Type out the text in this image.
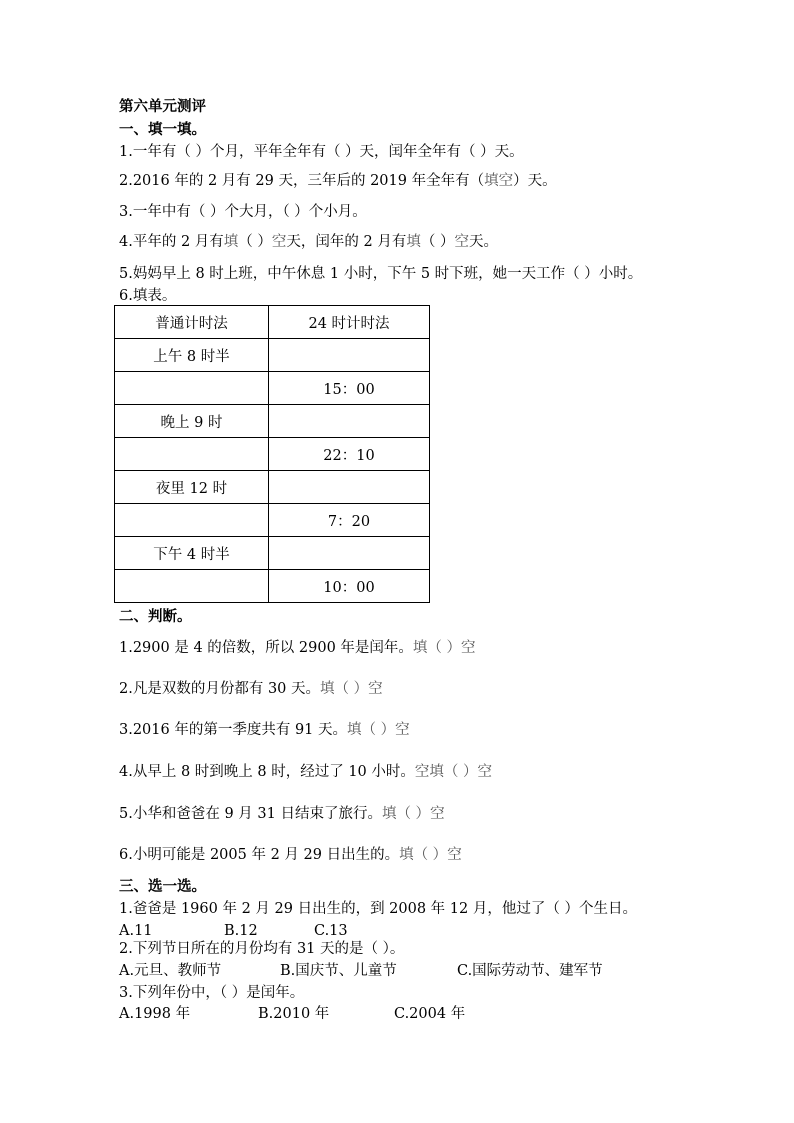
第六单元测评
一、填一填。
1.一年有（ ）个月，平年全年有（ ）天，闰年全年有（ ）天。
2.2016 年的 2 月有 29 天，三年后的 2019 年全年有（填空）天。
3.一年中有（ ）个大月，（ ）个小月。
4.平年的 2 月有填（ ）空天，闰年的 2 月有填（ ）空天。
5.妈妈早上 8 时上班，中午休息 1 小时，下午 5 时下班，她一天工作（ ）小时。
6.填表。
普通计时法	24 时计时法
上午 8 时半	
	15：00
晚上 9 时	
	22：10
夜里 12 时	
	7：20
下午 4 时半	
	10：00
二、判断。
1.2900 是 4 的倍数，所以 2900 年是闰年。填（ ）空
2.凡是双数的月份都有 30 天。填（ ）空
3.2016 年的第一季度共有 91 天。填（ ）空
4.从早上 8 时到晚上 8 时，经过了 10 小时。空填（ ）空
5.小华和爸爸在 9 月 31 日结束了旅行。填（ ）空
6.小明可能是 2005 年 2 月 29 日出生的。填（ ）空
三、选一选。
1.爸爸是 1960 年 2 月 29 日出生的，到 2008 年 12 月，他过了（ ）个生日。
A.11	B.12	C.13
2.下列节日所在的月份均有 31 天的是（ ）。
A.元旦、教师节	B.国庆节、儿童节	C.国际劳动节、建军节
3.下列年份中，（ ）是闰年。
A.1998 年	B.2010 年	C.2004 年
